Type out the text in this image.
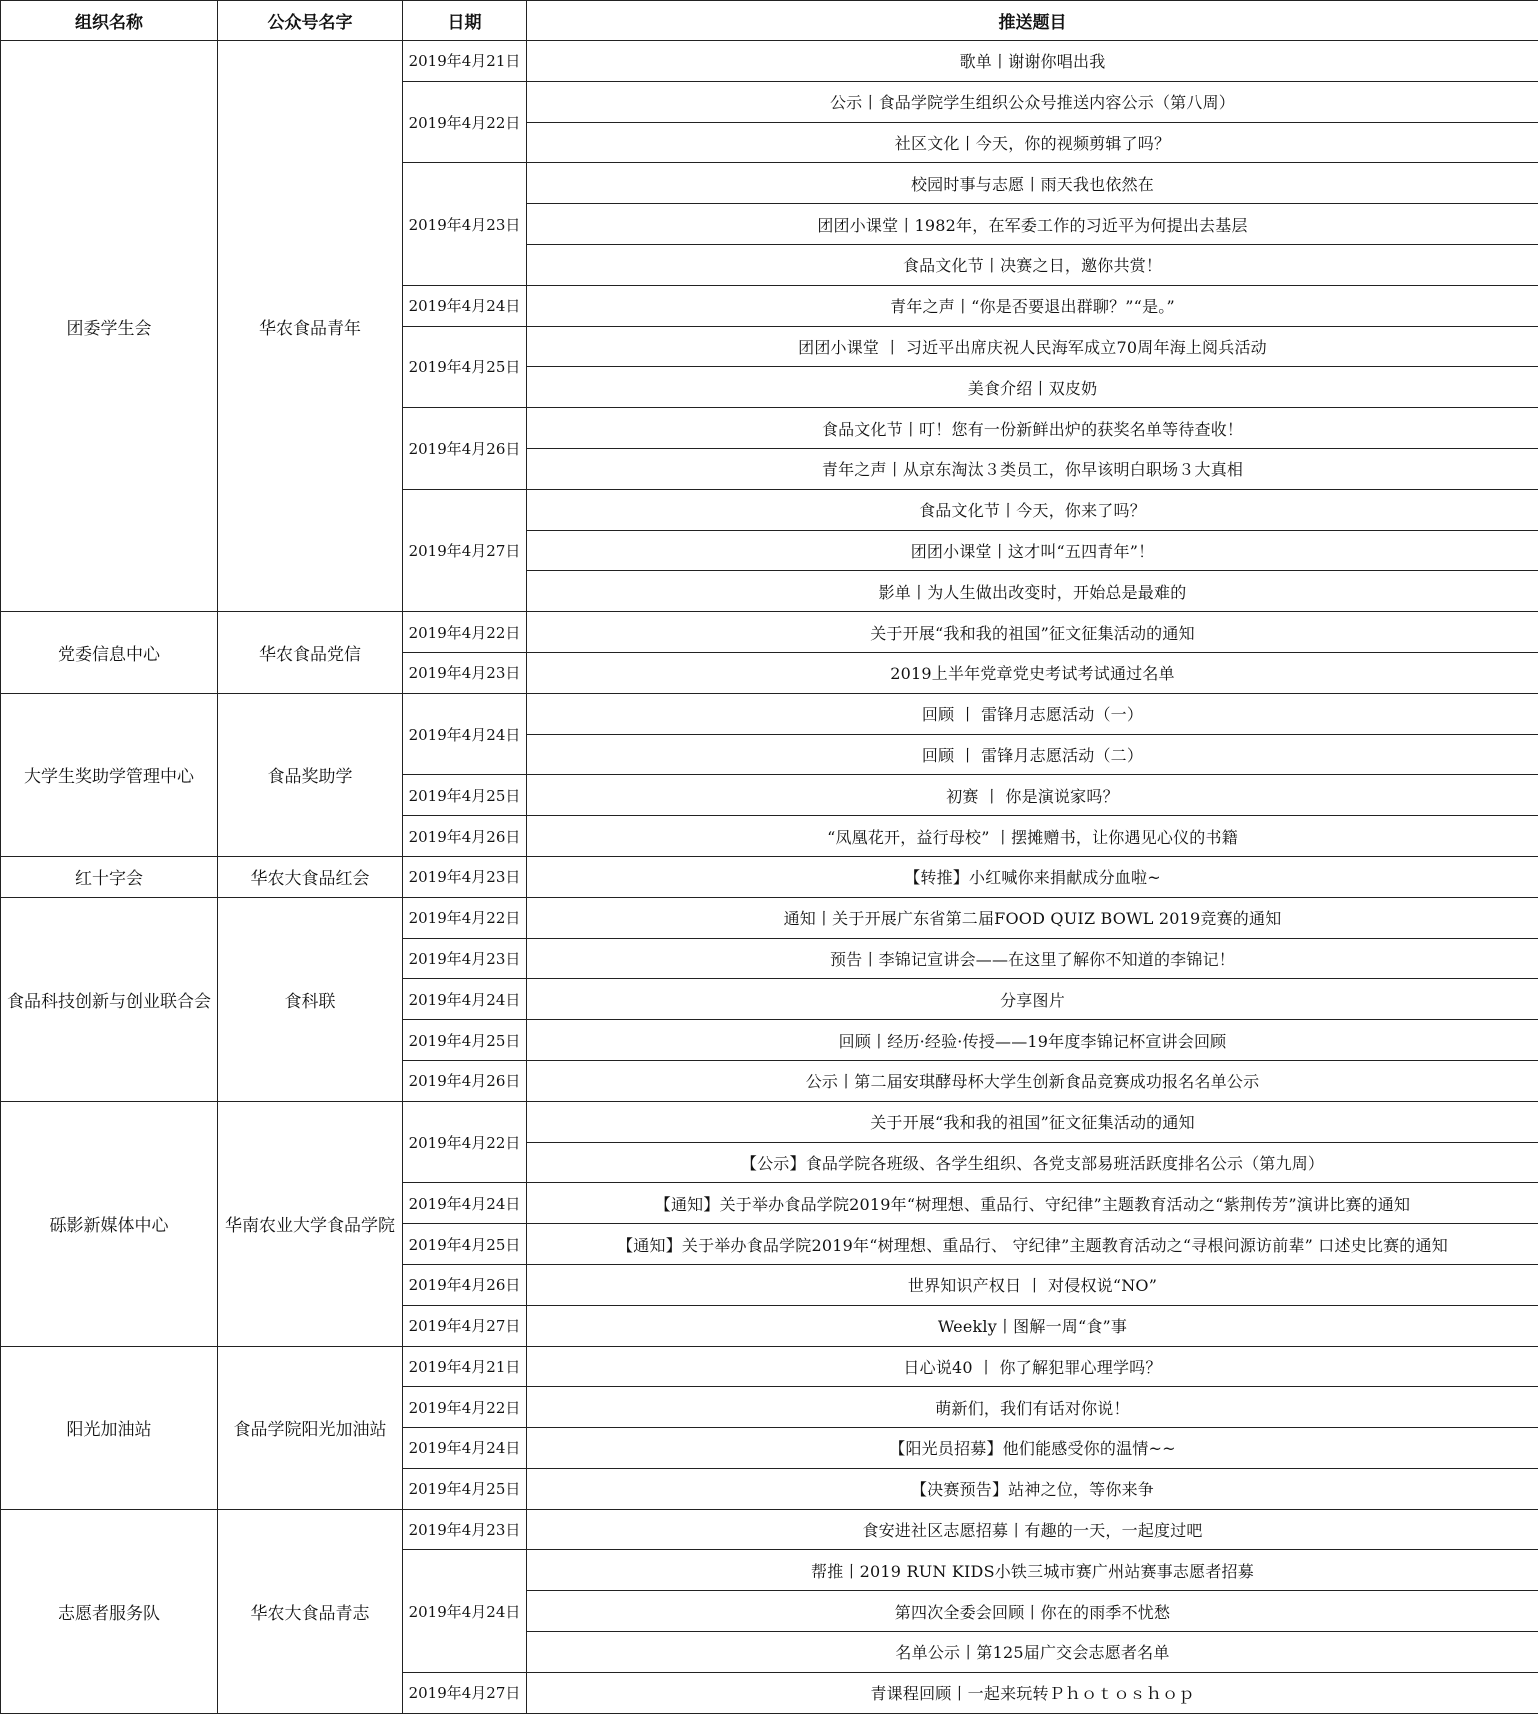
组织名称	公众号名字	日期	推送题目
团委学生会	华农食品青年	2019年4月21日	歌单丨谢谢你唱出我
		2019年4月22日	公示丨食品学院学生组织公众号推送内容公示（第八周）
			社区文化丨今天，你的视频剪辑了吗？
		2019年4月23日	校园时事与志愿丨雨天我也依然在
			团团小课堂丨1982年，在军委工作的习近平为何提出去基层
			食品文化节丨决赛之日，邀你共赏！
		2019年4月24日	青年之声丨“你是否要退出群聊？”“是。”
		2019年4月25日	团团小课堂 丨 习近平出席庆祝人民海军成立70周年海上阅兵活动
			美食介绍丨双皮奶
		2019年4月26日	食品文化节丨叮！您有一份新鲜出炉的获奖名单等待查收！
			青年之声丨从京东淘汰３类员工，你早该明白职场３大真相
		2019年4月27日	食品文化节丨今天，你来了吗？
			团团小课堂丨这才叫“五四青年”！
			影单丨为人生做出改变时，开始总是最难的
党委信息中心	华农食品党信	2019年4月22日	关于开展“我和我的祖国”征文征集活动的通知
		2019年4月23日	2019上半年党章党史考试考试通过名单
大学生奖助学管理中心	食品奖助学	2019年4月24日	回顾 丨 雷锋月志愿活动（一）
			回顾 丨 雷锋月志愿活动（二）
		2019年4月25日	初赛 丨 你是演说家吗？
		2019年4月26日	“凤凰花开，益行母校” 丨摆摊赠书，让你遇见心仪的书籍
红十字会	华农大食品红会	2019年4月23日	【转推】小红喊你来捐献成分血啦~
食品科技创新与创业联合会	食科联	2019年4月22日	通知丨关于开展广东省第二届FOOD QUIZ BOWL 2019竞赛的通知
		2019年4月23日	预告丨李锦记宣讲会——在这里了解你不知道的李锦记！
		2019年4月24日	分享图片
		2019年4月25日	回顾丨经历·经验·传授——19年度李锦记杯宣讲会回顾
		2019年4月26日	公示丨第二届安琪酵母杯大学生创新食品竞赛成功报名名单公示
砾影新媒体中心	华南农业大学食品学院	2019年4月22日	关于开展“我和我的祖国”征文征集活动的通知
			【公示】食品学院各班级、各学生组织、各党支部易班活跃度排名公示（第九周）
		2019年4月24日	【通知】关于举办食品学院2019年“树理想、重品行、守纪律”主题教育活动之“紫荆传芳”演讲比赛的通知
		2019年4月25日	【通知】关于举办食品学院2019年“树理想、重品行、 守纪律”主题教育活动之“寻根问源访前辈” 口述史比赛的通知
		2019年4月26日	世界知识产权日 丨 对侵权说“NO”
		2019年4月27日	Weekly丨图解一周“食”事
阳光加油站	食品学院阳光加油站	2019年4月21日	日心说40 丨 你了解犯罪心理学吗？
		2019年4月22日	萌新们，我们有话对你说！
		2019年4月24日	【阳光员招募】他们能感受你的温情~~
		2019年4月25日	【决赛预告】站神之位，等你来争
志愿者服务队	华农大食品青志	2019年4月23日	食安进社区志愿招募丨有趣的一天，一起度过吧
		2019年4月24日	帮推丨2019 RUN KIDS小铁三城市赛广州站赛事志愿者招募
			第四次全委会回顾丨你在的雨季不忧愁
			名单公示丨第125届广交会志愿者名单
		2019年4月27日	青课程回顾丨一起来玩转Ｐｈｏｔｏｓｈｏｐ
